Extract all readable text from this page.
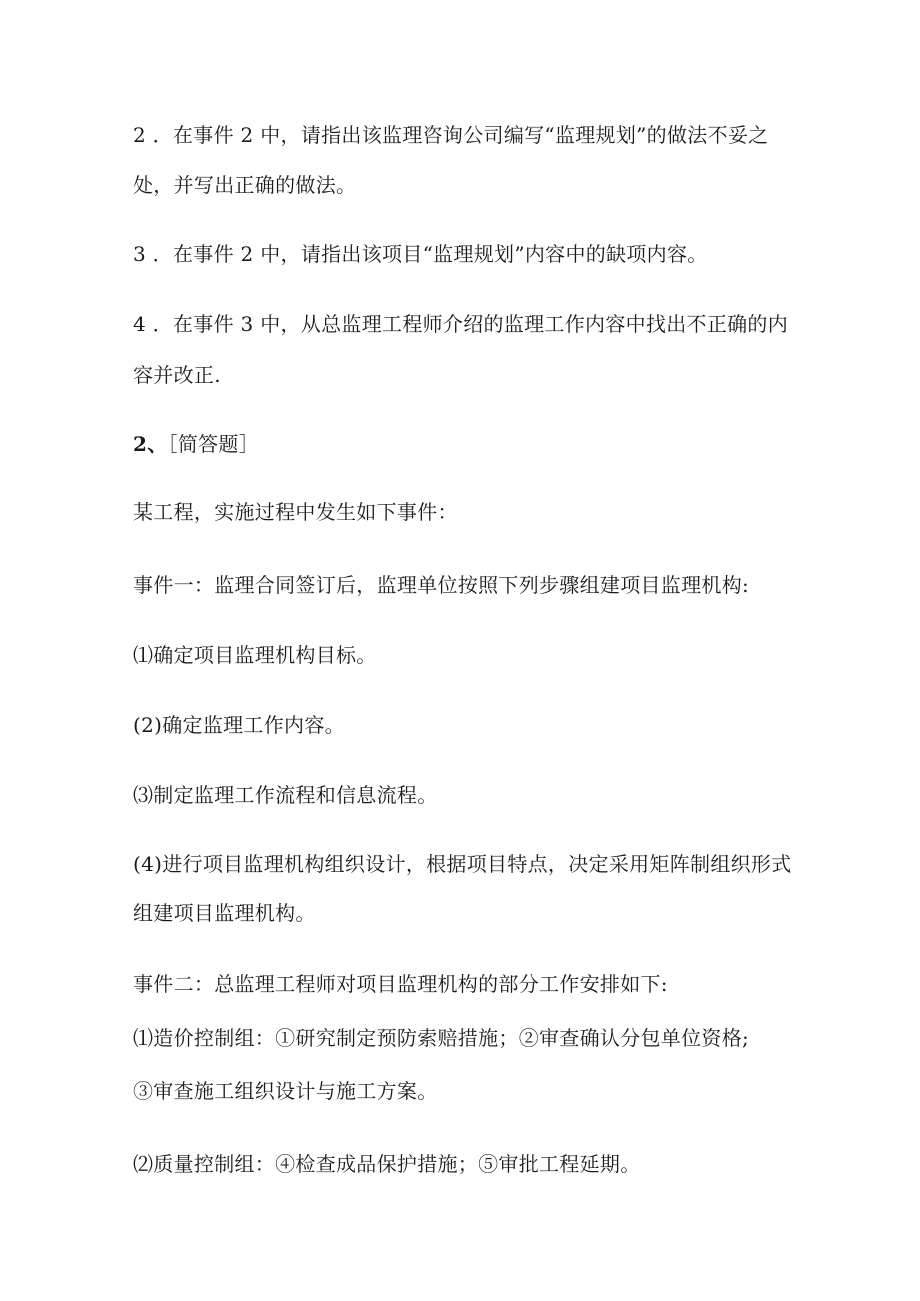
2 ．在事件 2 中，请指出该监理咨询公司编写“监理规划”的做法不妥之
处，并写出正确的做法。
3 ．在事件 2 中，请指出该项目“监理规划”内容中的缺项内容。
4 ．在事件 3 中，从总监理工程师介绍的监理工作内容中找出不正确的内
容并改正.
2、［简答题］
某工程，实施过程中发生如下事件：
事件一：监理合同签订后，监理单位按照下列步骤组建项目监理机构:
⑴确定项目监理机构目标。
(2)确定监理工作内容。
⑶制定监理工作流程和信息流程。
(4)进行项目监理机构组织设计，根据项目特点，决定采用矩阵制组织形式
组建项目监理机构。
事件二：总监理工程师对项目监理机构的部分工作安排如下:
⑴造价控制组：①研究制定预防索赔措施；②审查确认分包单位资格;
③审查施工组织设计与施工方案。
⑵质量控制组：④检查成品保护措施；⑤审批工程延期。
